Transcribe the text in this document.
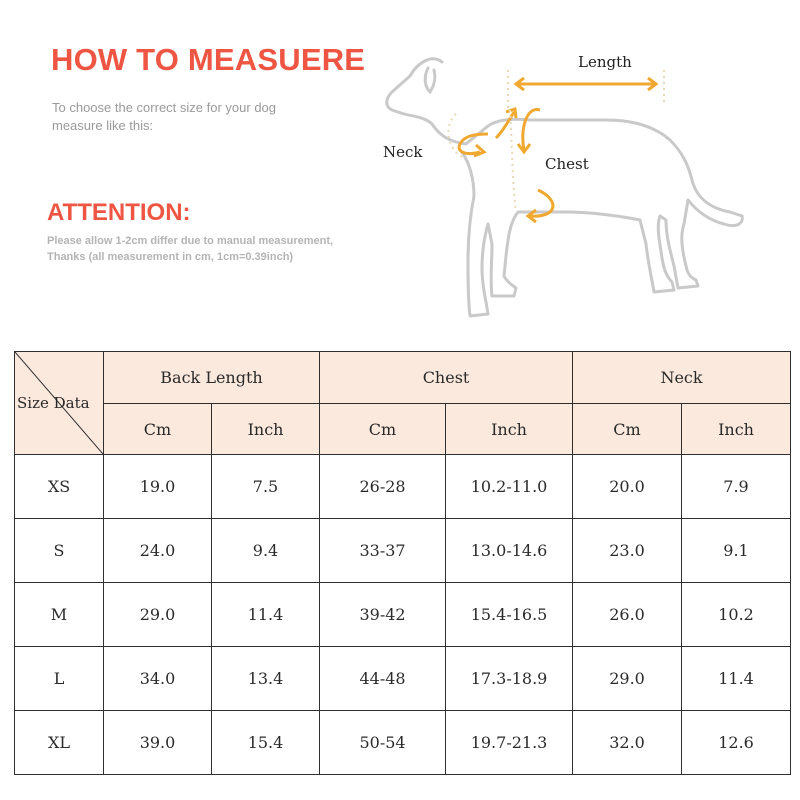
HOW TO MEASUERE
To choose the correct size for your dog
measure like this:
ATTENTION:
Please allow 1-2cm differ due to manual measurement,
Thanks (all measurement in cm, 1cm=0.39inch)
Length
Neck
Chest
Size Data	Back Length		Chest		Neck	
	Cm	Inch	Cm	Inch	Cm	Inch
XS	19.0	7.5	26-28	10.2-11.0	20.0	7.9
S	24.0	9.4	33-37	13.0-14.6	23.0	9.1
M	29.0	11.4	39-42	15.4-16.5	26.0	10.2
L	34.0	13.4	44-48	17.3-18.9	29.0	11.4
XL	39.0	15.4	50-54	19.7-21.3	32.0	12.6
